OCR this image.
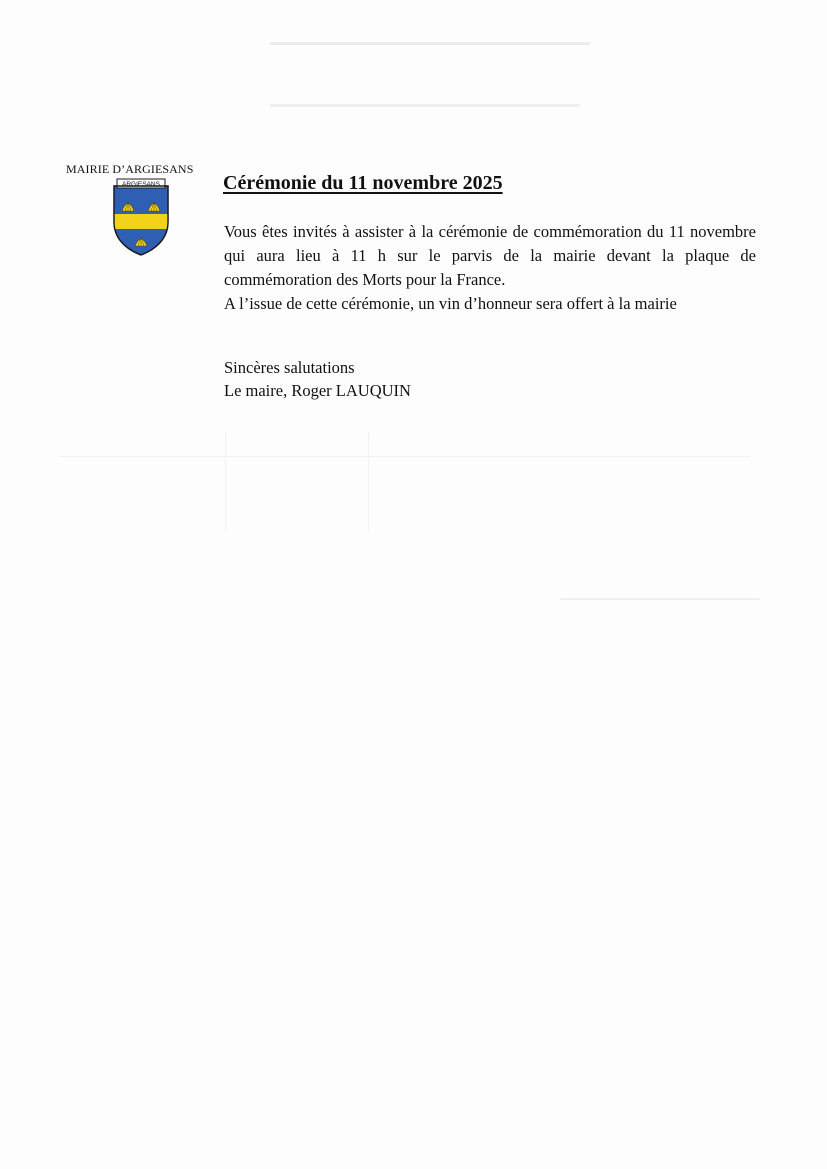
MAIRIE D’ARGIESANS
ARGIESANS	Cérémonie du 11 novembre 2025

Vous êtes invités à assister à la cérémonie de commémoration du 11 novembre qui aura lieu à 11 h sur le parvis de la mairie devant la plaque de commémoration des Morts pour la France.

A l’issue de cette cérémonie, un vin d’honneur sera offert à la mairie

Sincères salutations
Le maire, Roger LAUQUIN
